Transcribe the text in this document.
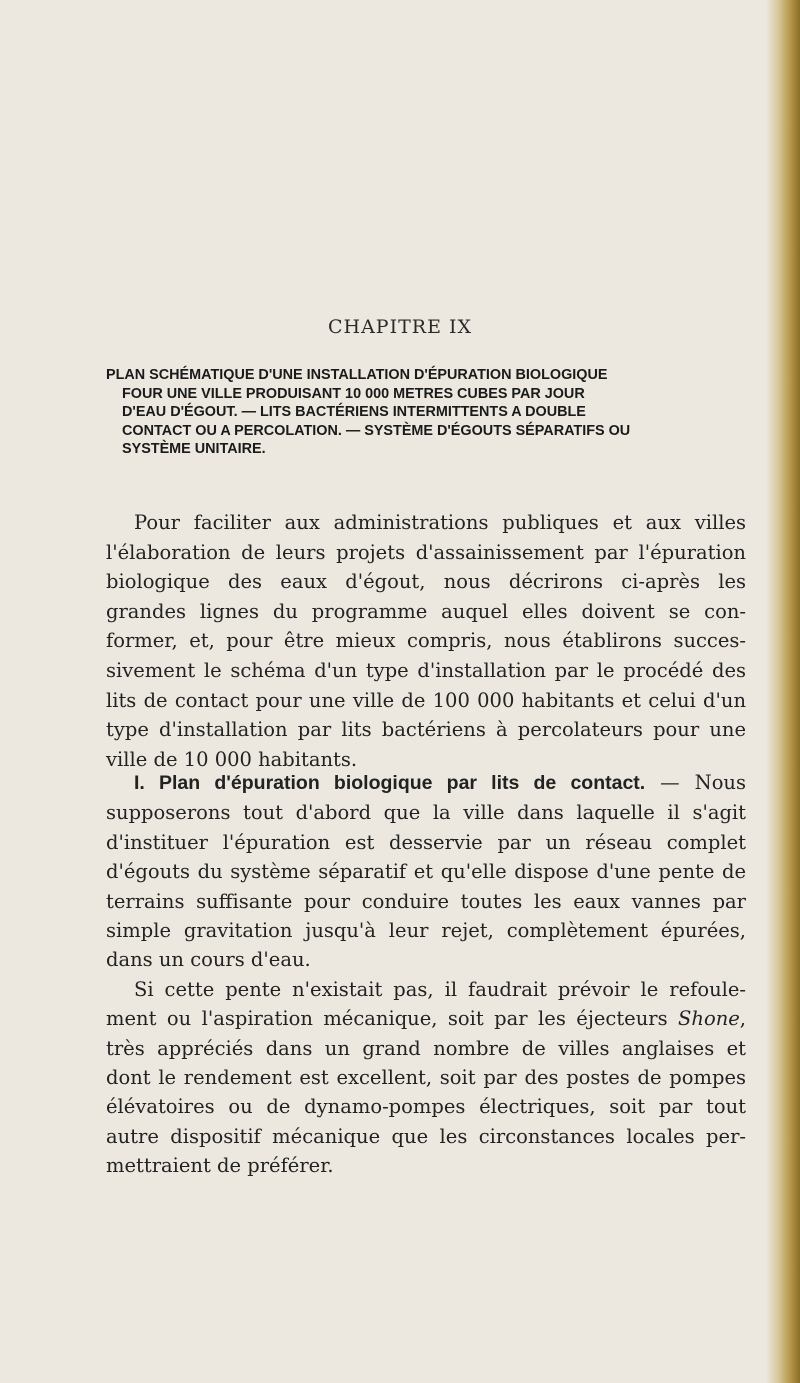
CHAPITRE IX
PLAN SCHÉMATIQUE D'UNE INSTALLATION D'ÉPURATION BIOLOGIQUE
FOUR UNE VILLE PRODUISANT 10 000 METRES CUBES PAR JOUR
D'EAU D'ÉGOUT. — LITS BACTÉRIENS INTERMITTENTS A DOUBLE
CONTACT OU A PERCOLATION. — SYSTÈME D'ÉGOUTS SÉPARATIFS OU
SYSTÈME UNITAIRE.
Pour faciliter aux administrations publiques et aux villes
l'élaboration de leurs projets d'assainissement par l'épuration
biologique des eaux d'égout, nous décrirons ci-après les
grandes lignes du programme auquel elles doivent se con-
former, et, pour être mieux compris, nous établirons succes-
sivement le schéma d'un type d'installation par le procédé des
lits de contact pour une ville de 100 000 habitants et celui d'un
type d'installation par lits bactériens à percolateurs pour une
ville de 10 000 habitants.
I. Plan d'épuration biologique par lits de contact. — Nous
supposerons tout d'abord que la ville dans laquelle il s'agit
d'instituer l'épuration est desservie par un réseau complet
d'égouts du système séparatif et qu'elle dispose d'une pente de
terrains suffisante pour conduire toutes les eaux vannes par
simple gravitation jusqu'à leur rejet, complètement épurées,
dans un cours d'eau.
Si cette pente n'existait pas, il faudrait prévoir le refoule-
ment ou l'aspiration mécanique, soit par les éjecteurs Shone,
très appréciés dans un grand nombre de villes anglaises et
dont le rendement est excellent, soit par des postes de pompes
élévatoires ou de dynamo-pompes électriques, soit par tout
autre dispositif mécanique que les circonstances locales per-
mettraient de préférer.
